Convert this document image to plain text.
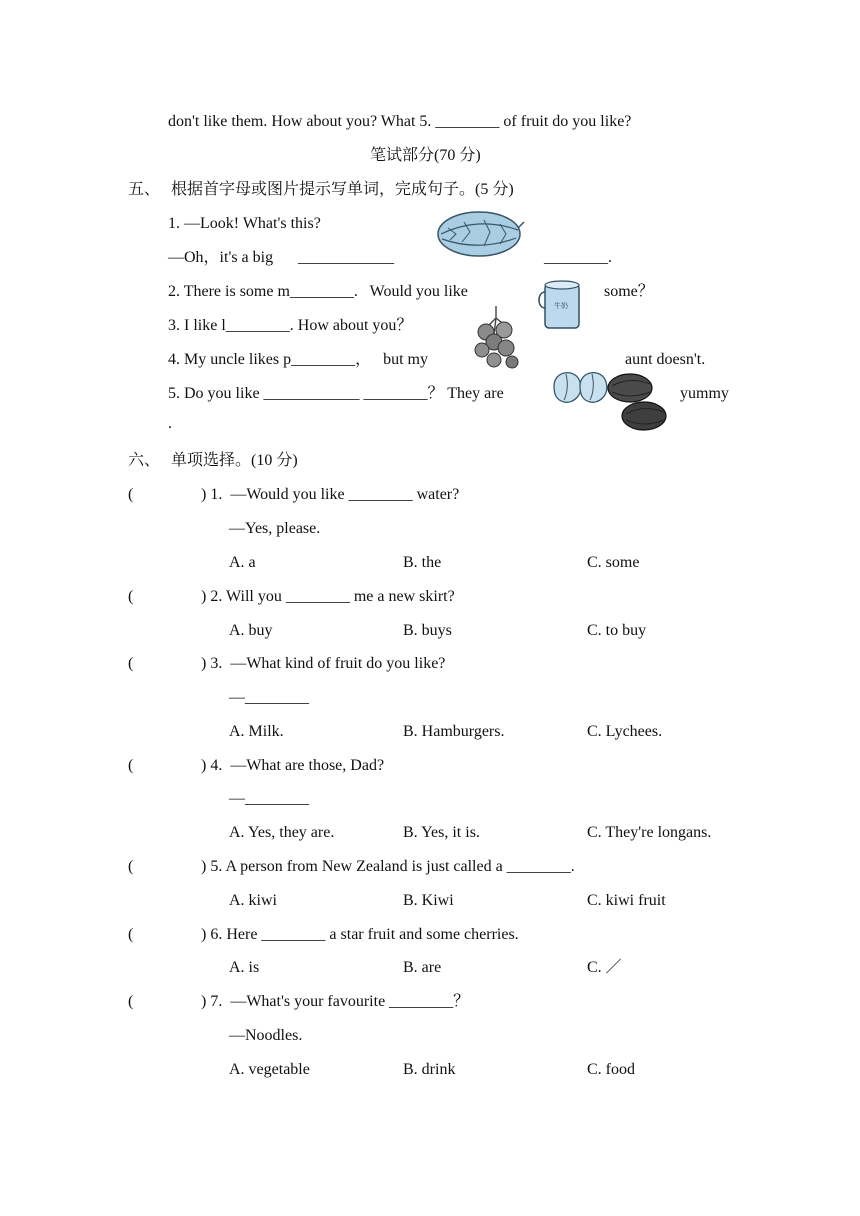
don't like them. How about you? What 5. ________ of fruit do you like?
笔试部分(70 分)
五、 根据首字母或图片提示写单词，完成句子。(5 分)
1. —Look! What's this?
—Oh，it's a big ____________	________.
2. There is some m________.   Would you like
牛奶
some？
3. I like l________. How about you？
4. My uncle likes p________，   but my	aunt doesn't.
5. Do you like ____________ ________？ They are	yummy
.
六、 单项选择。(10 分)
(	) 1.  —Would you like ________ water?
—Yes, please.
A. a	B. the	C. some
(	) 2. Will you ________ me a new skirt?
A. buy	B. buys	C. to buy
(	) 3.  —What kind of fruit do you like?
—________
A. Milk.	B. Hamburgers.	C. Lychees.
(	) 4.  —What are those, Dad?
—________
A. Yes, they are.	B. Yes, it is.	C. They're longans.
(	) 5. A person from New Zealand is just called a ________.
A. kiwi	B. Kiwi	C. kiwi fruit
(	) 6. Here ________ a star fruit and some cherries.
A. is	B. are	C. ／
(	) 7.  —What's your favourite ________？
—Noodles.
A. vegetable	B. drink	C. food
